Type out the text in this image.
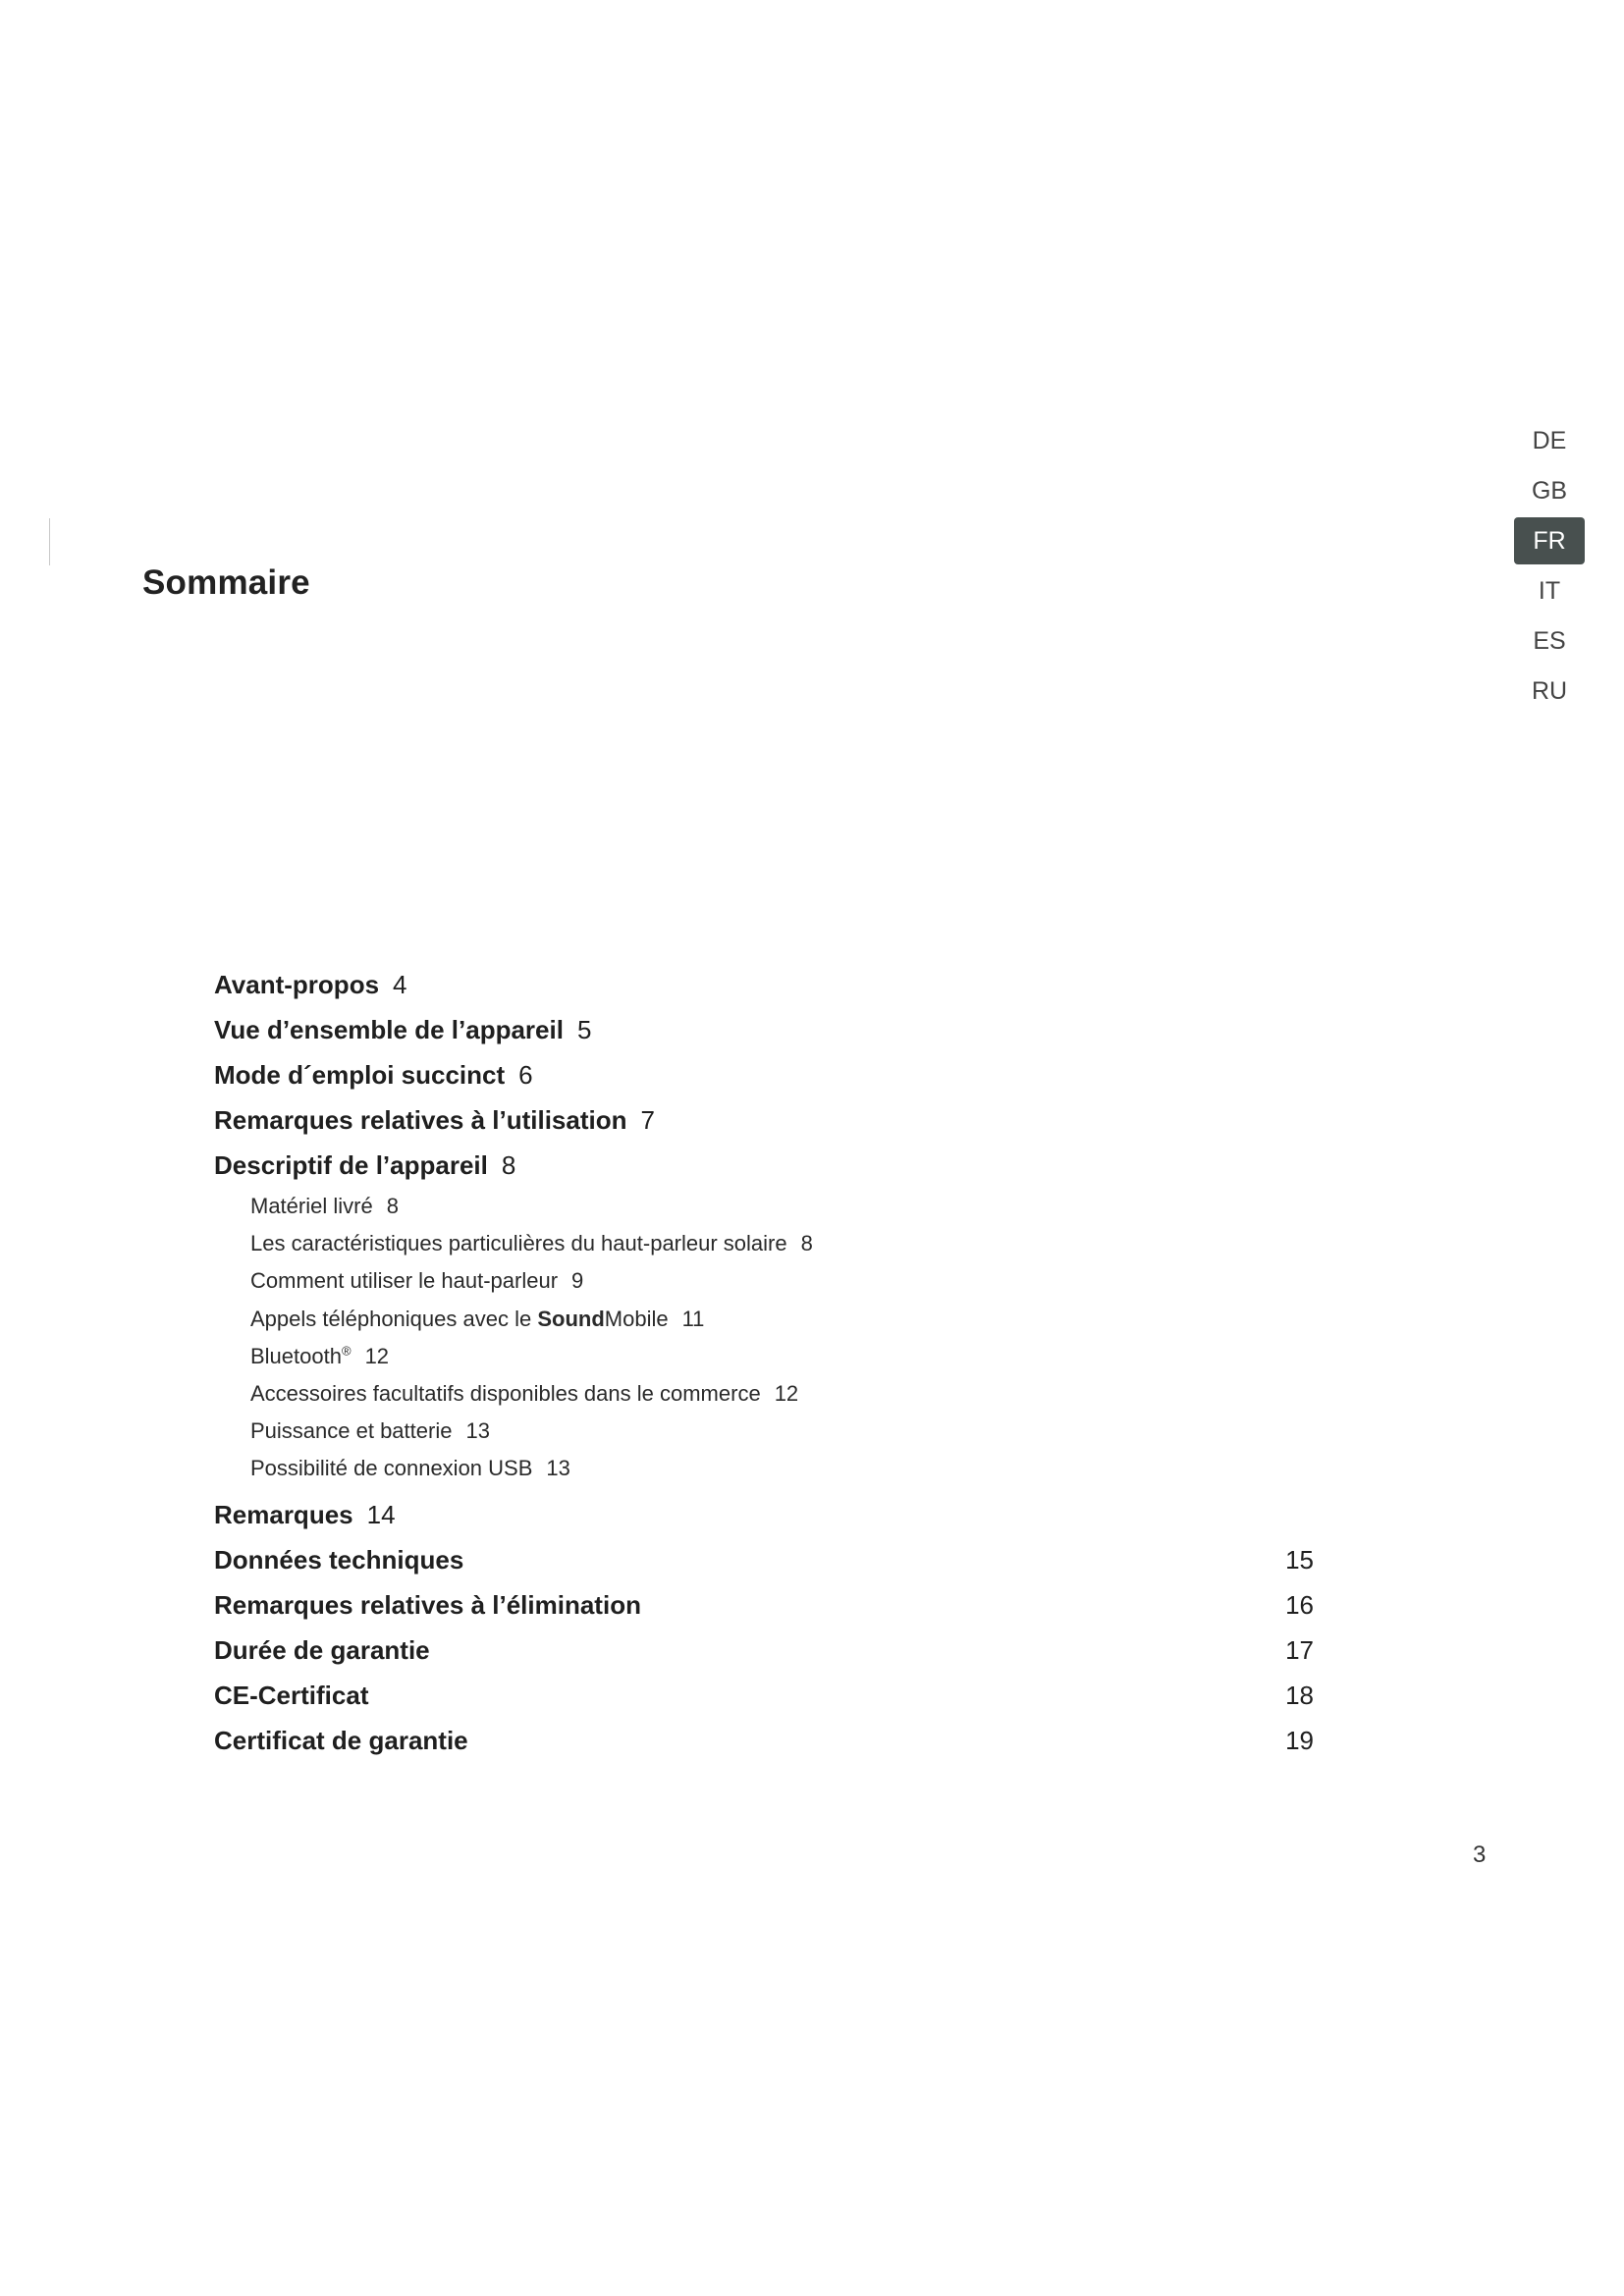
Sommaire
DE
GB
FR
IT
ES
RU
Avant-propos 4
Vue d’ensemble de l’appareil 5
Mode d´emploi succinct 6
Remarques relatives à l’utilisation 7
Descriptif de l’appareil 8
Matériel livré 8
Les caractéristiques particulières du haut-parleur solaire 8
Comment utiliser le haut-parleur 9
Appels téléphoniques avec le SoundMobile 11
Bluetooth® 12
Accessoires facultatifs disponibles dans le commerce 12
Puissance et batterie 13
Possibilité de connexion USB 13
Remarques 14
Données techniques	15
Remarques relatives à l’élimination	16
Durée de garantie	17
CE-Certificat	18
Certificat de garantie	19
3
